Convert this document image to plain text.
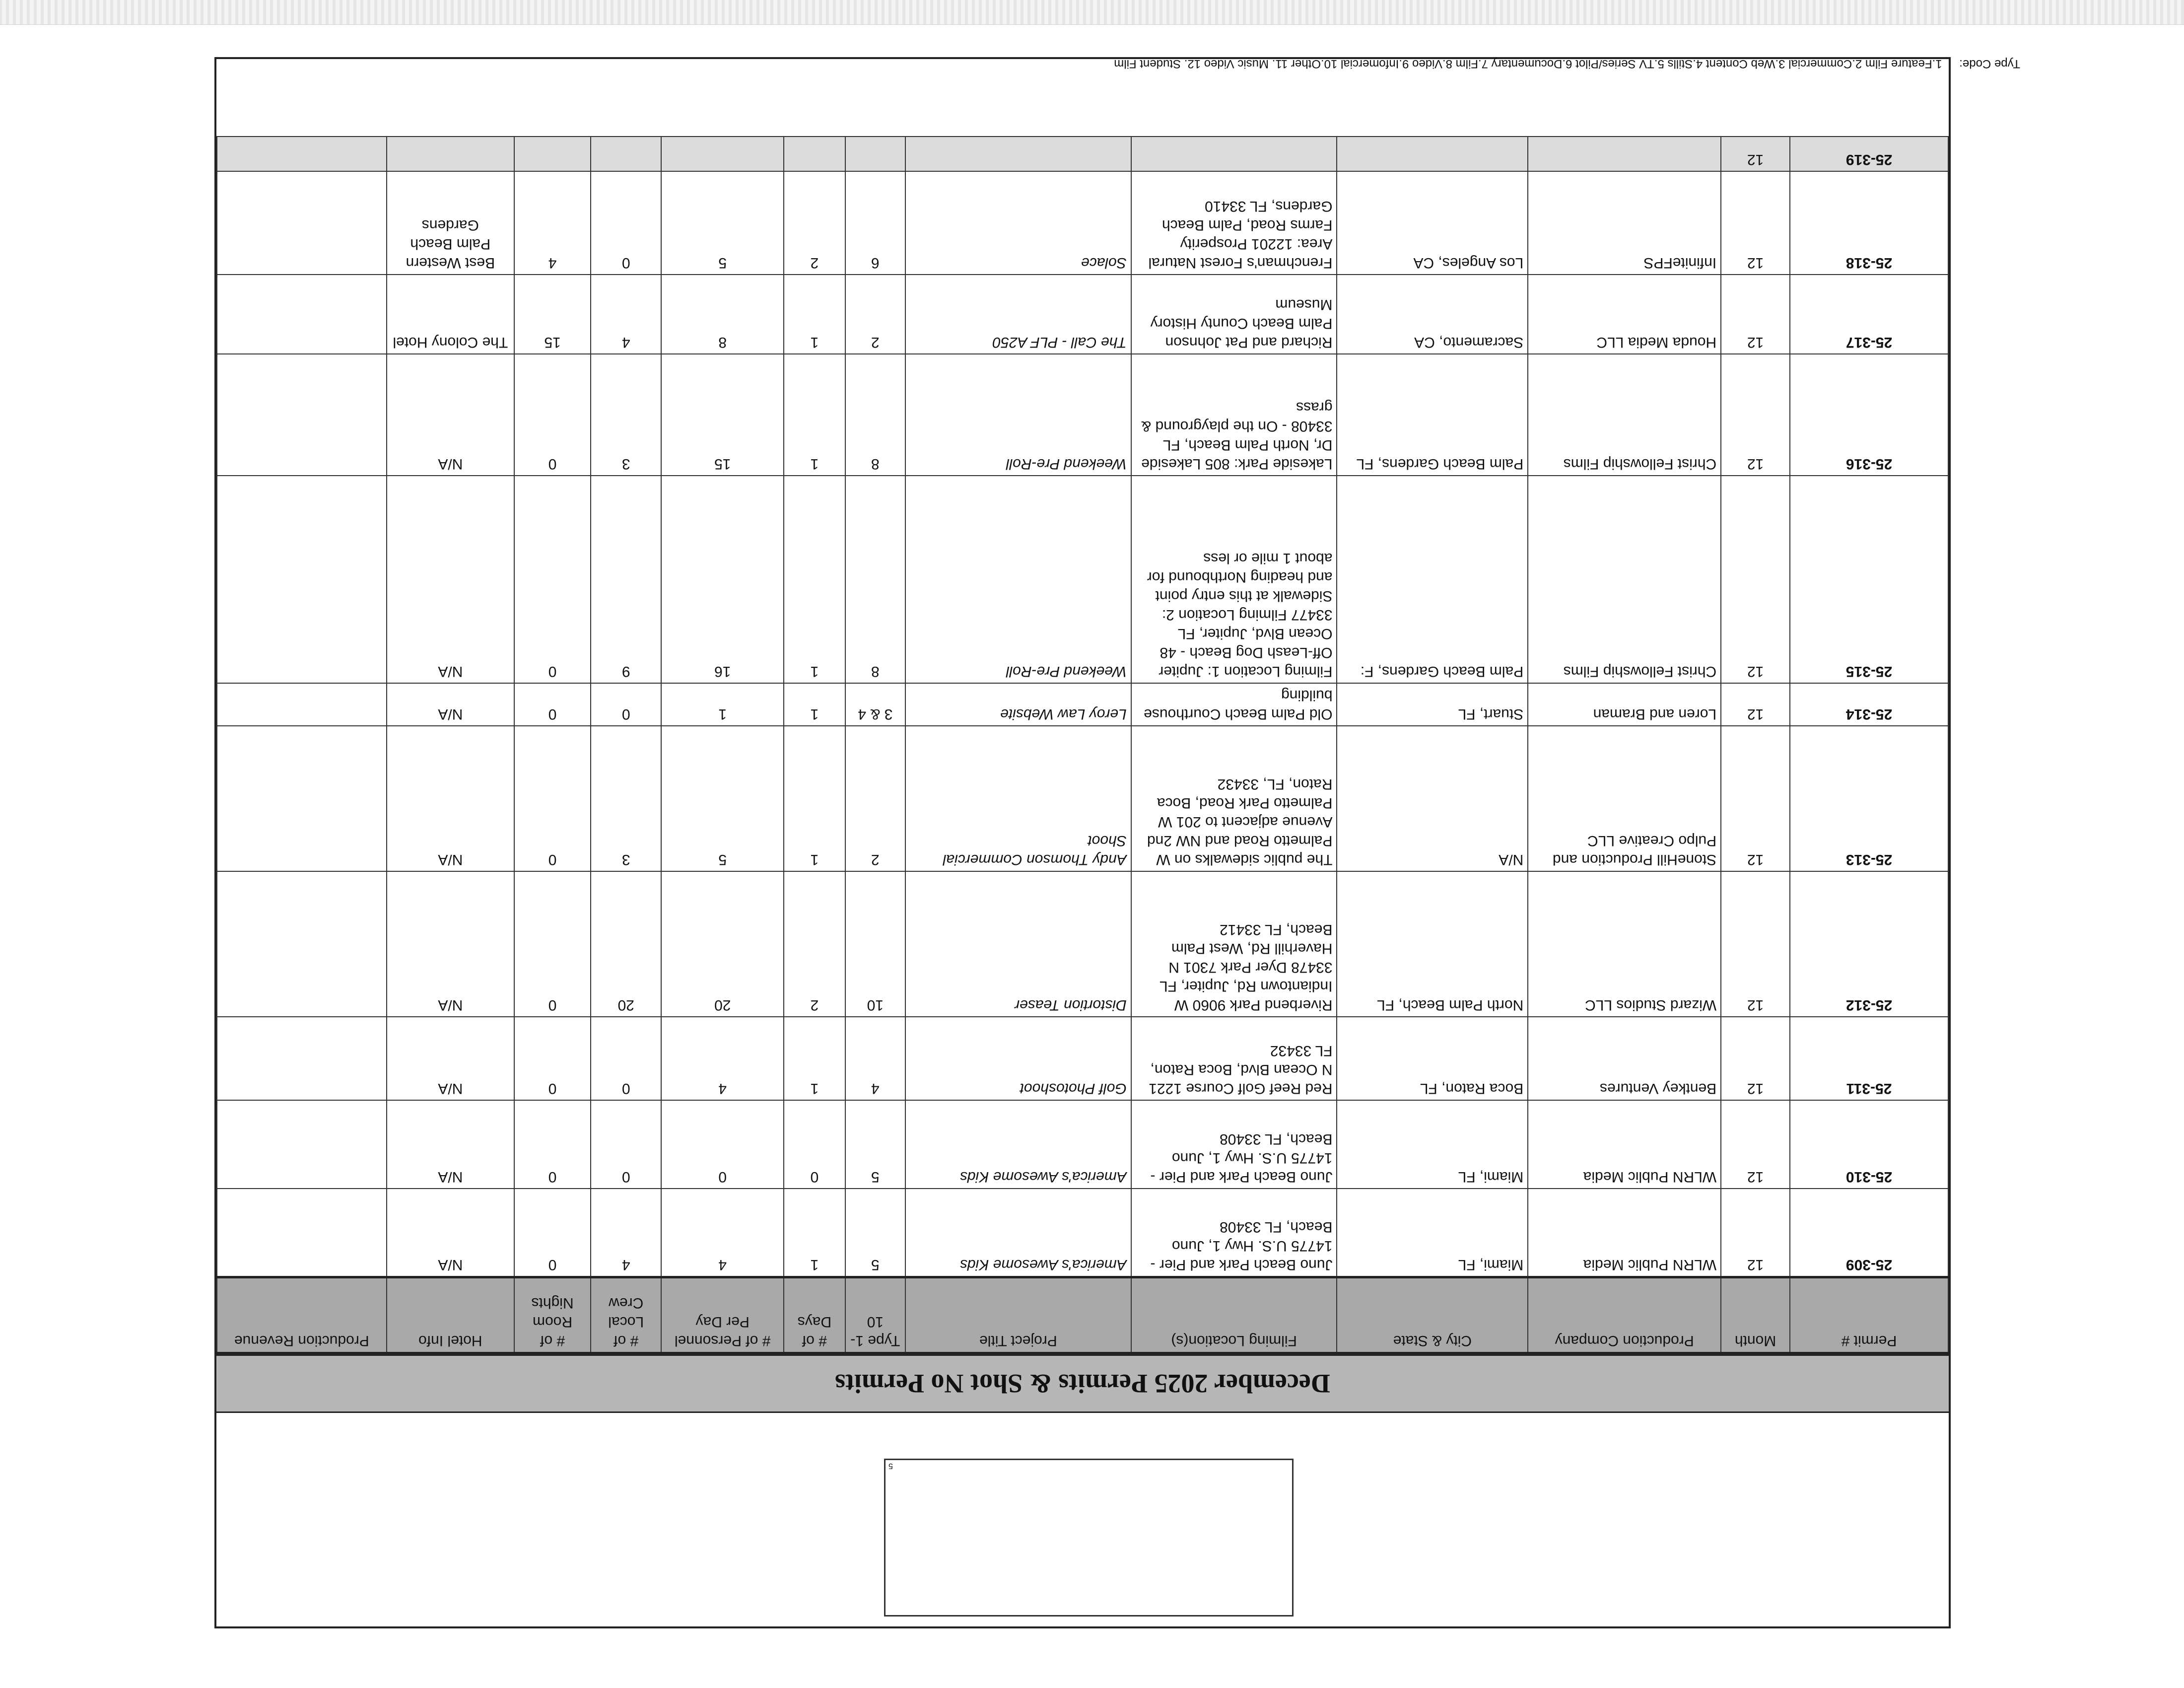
5
December 2025 Permits & Shot No Permits
Permit #	Month	Production Company	City & State	Filming Location(s)	Project Title	Type 1-10	# of Days	# of Personnel Per Day	# of Local Crew	# of Room Nights	Hotel Info	Production Revenue
25-309	12	WLRN Public Media	Miami, FL	Juno Beach Park and Pier - 14775 U.S. Hwy 1, Juno Beach, FL 33408	America's Awesome Kids	5	1	4	4	0	N/A	
25-310	12	WLRN Public Media	Miami, FL	Juno Beach Park and Pier - 14775 U.S. Hwy 1, Juno Beach, FL 33408	America's Awesome Kids	5	0	0	0	0	N/A	
25-311	12	Bentkey Ventures	Boca Raton, FL	Red Reef Golf Course 1221 N Ocean Blvd, Boca Raton, FL 33432	Golf Photoshoot	4	1	4	0	0	N/A	
25-312	12	Wizard Studios LLC	North Palm Beach, FL	Riverbend Park 9060 W Indiantown Rd, Jupiter, FL 33478 Dyer Park 7301 N Haverhill Rd, West Palm Beach, FL 33412	Distortion Teaser	10	2	20	20	0	N/A	
25-313	12	StoneHill Production and Pulpo Creative LLC	N/A	The public sidewalks on W Palmetto Road and NW 2nd Avenue adjacent to 201 W Palmetto Park Road, Boca Raton, FL, 33432	Andy Thomson Commercial Shoot	2	1	5	3	0	N/A	
25-314	12	Loren and Braman	Stuart, FL	Old Palm Beach Courthouse building	Leroy Law Website	3 & 4	1	1	0	0	N/A	
25-315	12	Christ Fellowship Films	Palm Beach Gardens, F:	Filming Location 1: Jupiter Off-Leash Dog Beach - 48 Ocean Blvd, Jupiter, FL 33477 Filming Location 2: Sidewalk at this entry point and heading Northbound for about 1 mile or less	Weekend Pre-Roll	8	1	16	9	0	N/A	
25-316	12	Christ Fellowship Films	Palm Beach Gardens, FL	Lakeside Park: 805 Lakeside Dr, North Palm Beach, FL 33408 - On the playground & grass	Weekend Pre-Roll	8	1	15	3	0	N/A	
25-317	12	Houda Media LLC	Sacramento, CA	Richard and Pat Johnson Palm Beach County History Museum	The Call - PLF A250	2	1	8	4	15	The Colony Hotel	
25-318	12	InfiniteFPS	Los Angeles, CA	Frenchman's Forest Natural Area: 12201 Prosperity Farms Road, Palm Beach Gardens, FL 33410	Solace	6	2	5	0	4	Best Western Palm Beach Gardens	
25-319	12											
Type Code: 1.Feature Film 2.Commercial 3.Web Content 4.Stills 5.TV Series/Pilot 6.Documentary 7.Film 8.Video 9.Infomercial 10.Other 11. Music Video 12. Student Film
